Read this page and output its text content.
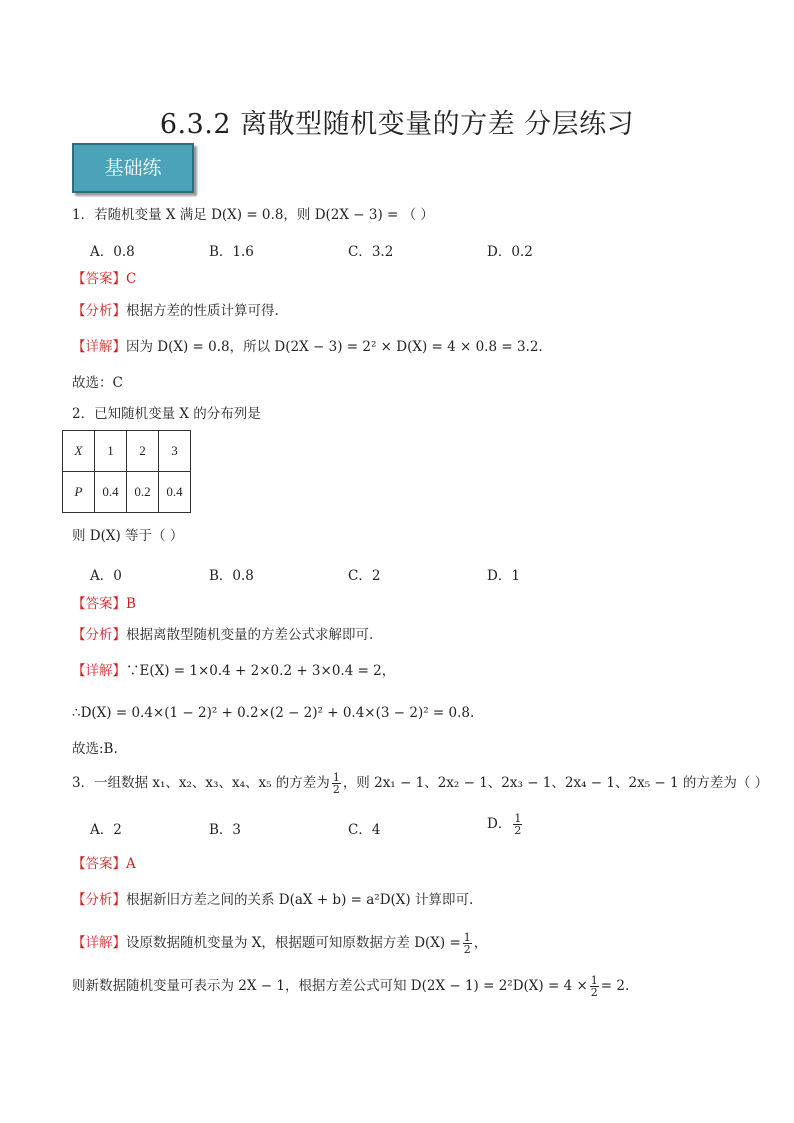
6.3.2 离散型随机变量的方差 分层练习
基础练
1．若随机变量 X 满足 D(X) = 0.8，则 D(2X − 3) = （ ）
A．0.8	B．1.6	C．3.2	D．0.2
【答案】C
【分析】根据方差的性质计算可得.
【详解】因为 D(X) = 0.8，所以 D(2X − 3) = 2² × D(X) = 4 × 0.8 = 3.2.
故选：C
2．已知随机变量 X 的分布列是
X	1	2	3
P	0.4	0.2	0.4
则 D(X) 等于（ ）
A．0	B．0.8	C．2	D．1
【答案】B
【分析】根据离散型随机变量的方差公式求解即可.
【详解】∵E(X) = 1×0.4 + 2×0.2 + 3×0.4 = 2，
∴D(X) = 0.4×(1 − 2)² + 0.2×(2 − 2)² + 0.4×(3 − 2)² = 0.8.
故选:B.
3．一组数据 x₁、x₂、x₃、x₄、x₅ 的方差为 $\frac{1}{2}$ ，则 2x₁ − 1、2x₂ − 1、2x₃ − 1、2x₄ − 1、2x₅ − 1 的方差为（ ）
A．2	B．3	C．4	D． $\frac{1}{2}$
【答案】A
【分析】根据新旧方差之间的关系 D(aX + b) = a²D(X) 计算即可.
【详解】设原数据随机变量为 X，根据题可知原数据方差 $D(X) = \frac{1}{2}$ ，
则新数据随机变量可表示为 2X − 1，根据方差公式可知 $D(2X - 1) = 2^2D(X) = 4 \times \frac{1}{2} = 2$.
